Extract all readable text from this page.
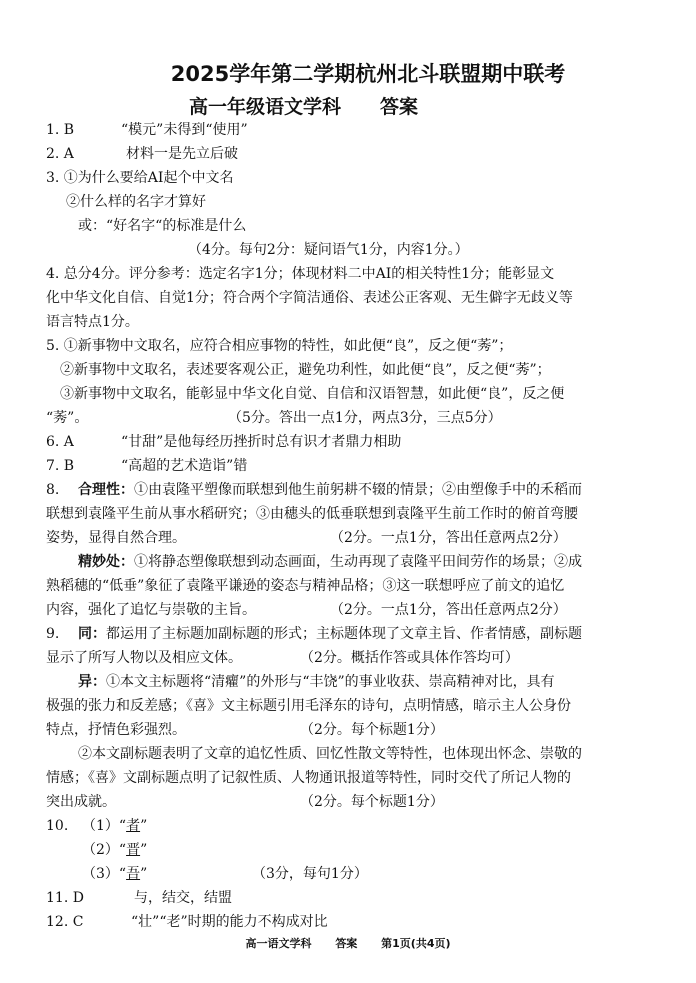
2025学年第二学期杭州北斗联盟期中联考
高一年级语文学科 答案
1. B	“模元”未得到“使用”
2. A	材料一是先立后破
3. ①为什么要给AI起个中文名
②什么样的名字才算好
或：“好名字“的标准是什么
（4分。每句2分：疑问语气1分，内容1分。）
4. 总分4分。评分参考：选定名字1分；体现材料二中AI的相关特性1分；能彰显文
化中华文化自信、自觉1分；符合两个字简洁通俗、表述公正客观、无生僻字无歧义等
语言特点1分。
5. ①新事物中文取名，应符合相应事物的特性，如此便“良”，反之便“莠”；
②新事物中文取名，表述要客观公正，避免功利性，如此便“良”，反之便“莠”；
③新事物中文取名，能彰显中华文化自觉、自信和汉语智慧，如此便“良”，反之便
“莠”。	（5分。答出一点1分，两点3分，三点5分）
6. A	“甘甜”是他每经历挫折时总有识才者鼎力相助
7. B	“高超的艺术造诣”错
8. 合理性： ①由袁隆平塑像而联想到他生前躬耕不辍的情景；②由塑像手中的禾稻而
联想到袁隆平生前从事水稻研究；③由穗头的低垂联想到袁隆平生前工作时的俯首弯腰
姿势，显得自然合理。	（2分。一点1分，答出任意两点2分）
精妙处： ①将静态塑像联想到动态画面，生动再现了袁隆平田间劳作的场景；②成
熟稻穗的“低垂”象征了袁隆平谦逊的姿态与精神品格；③这一联想呼应了前文的追忆
内容，强化了追忆与崇敬的主旨。	（2分。一点1分，答出任意两点2分）
9. 同： 都运用了主标题加副标题的形式；主标题体现了文章主旨、作者情感，副标题
显示了所写人物以及相应文体。	（2分。概括作答或具体作答均可）
异： ①本文主标题将“清癯”的外形与“丰饶”的事业收获、崇高精神对比，具有
极强的张力和反差感；《喜》文主标题引用毛泽东的诗句，点明情感，暗示主人公身份
特点，抒情色彩强烈。	（2分。每个标题1分）
②本文副标题表明了文章的追忆性质、回忆性散文等特性，也体现出怀念、崇敬的
情感；《喜》文副标题点明了记叙性质、人物通讯报道等特性，同时交代了所记人物的
突出成就。	（2分。每个标题1分）
10. （1）“者”
（2）“晋”
（3）“吾”	（3分，每句1分）
11. D	与，结交，结盟
12. C	“壮”“老”时期的能力不构成对比
高一语文学科 答案 第1页(共4页)
